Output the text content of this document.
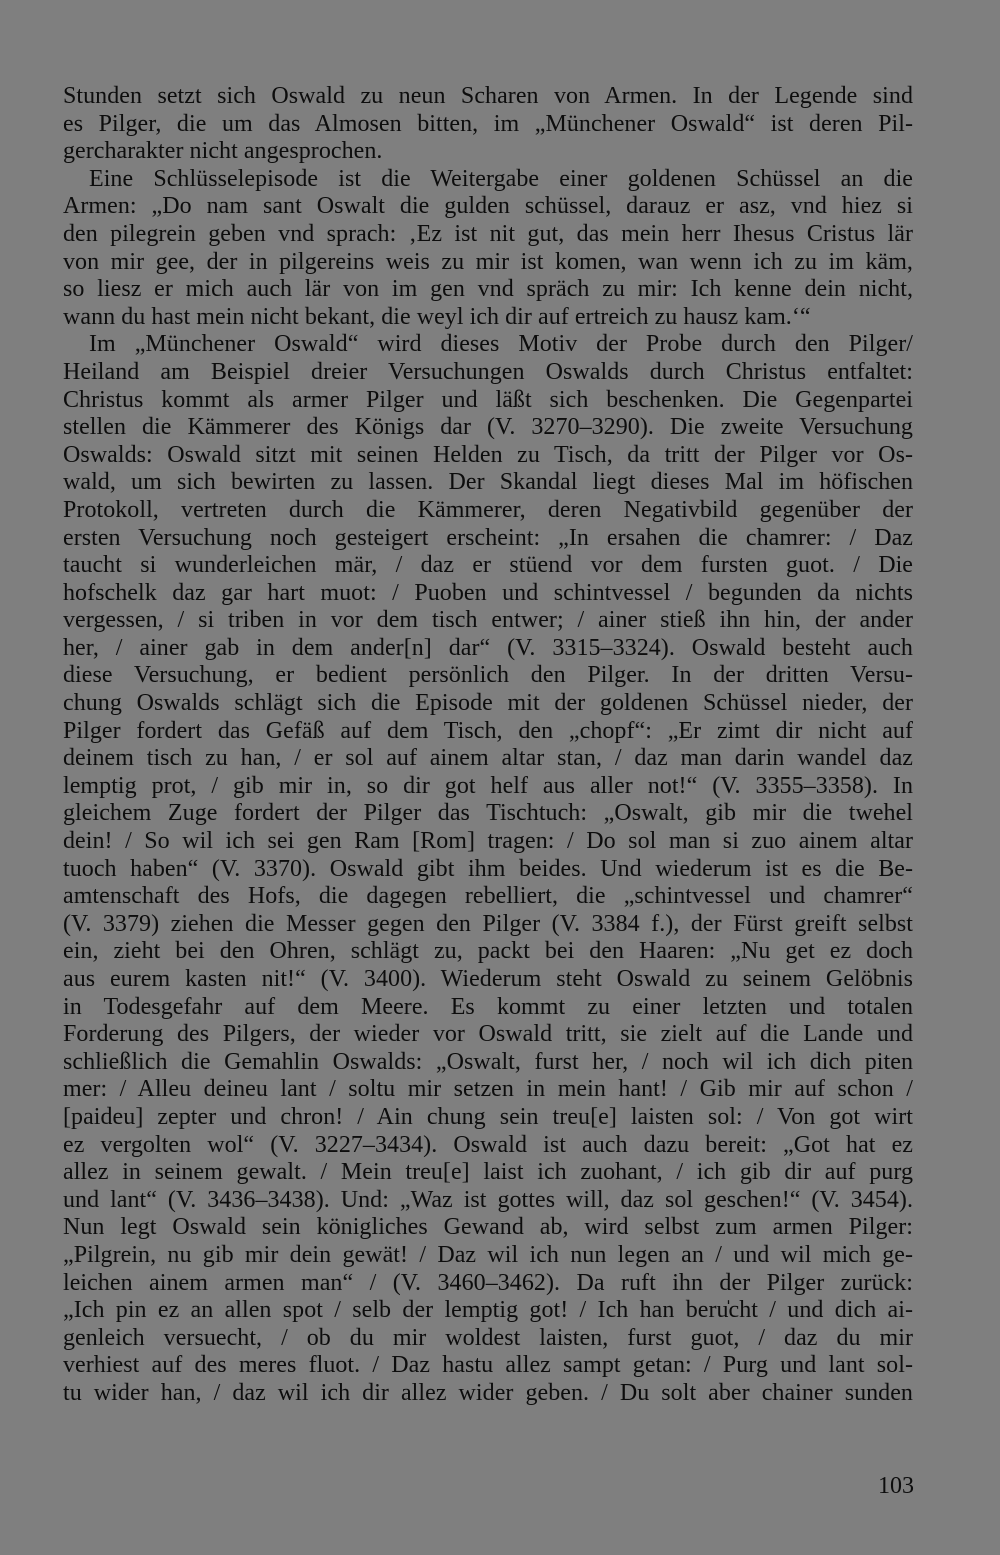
Stunden setzt sich Oswald zu neun Scharen von Armen. In der Legende sind
es Pilger, die um das Almosen bitten, im „Münchener Oswald“ ist deren Pil-
gercharakter nicht angesprochen.
Eine Schlüsselepisode ist die Weitergabe einer goldenen Schüssel an die
Armen: „Do nam sant Oswalt die gulden schüssel, darauz er asz, vnd hiez si
den pilegrein geben vnd sprach: ‚Ez ist nit gut, das mein herr Ihesus Cristus lär
von mir gee, der in pilgereins weis zu mir ist komen, wan wenn ich zu im käm,
so liesz er mich auch lär von im gen vnd spräch zu mir: Ich kenne dein nicht,
wann du hast mein nicht bekant, die weyl ich dir auf ertreich zu hausz kam.‘“
Im „Münchener Oswald“ wird dieses Motiv der Probe durch den Pilger/
Heiland am Beispiel dreier Versuchungen Oswalds durch Christus entfaltet:
Christus kommt als armer Pilger und läßt sich beschenken. Die Gegenpartei
stellen die Kämmerer des Königs dar (V. 3270–3290). Die zweite Versuchung
Oswalds: Oswald sitzt mit seinen Helden zu Tisch, da tritt der Pilger vor Os-
wald, um sich bewirten zu lassen. Der Skandal liegt dieses Mal im höfischen
Protokoll, vertreten durch die Kämmerer, deren Negativbild gegenüber der
ersten Versuchung noch gesteigert erscheint: „In ersahen die chamrer: / Daz
taucht si wunderleichen mär, / daz er stüend vor dem fursten guot. / Die
hofschelk daz gar hart muot: / Puoben und schintvessel / begunden da nichts
vergessen, / si triben in vor dem tisch entwer; / ainer stieß ihn hin, der ander
her, / ainer gab in dem ander[n] dar“ (V. 3315–3324). Oswald besteht auch
diese Versuchung, er bedient persönlich den Pilger. In der dritten Versu-
chung Oswalds schlägt sich die Episode mit der goldenen Schüssel nieder, der
Pilger fordert das Gefäß auf dem Tisch, den „chopf“: „Er zimt dir nicht auf
deinem tisch zu han, / er sol auf ainem altar stan, / daz man darin wandel daz
lemptig prot, / gib mir in, so dir got helf aus aller not!“ (V. 3355–3358). In
gleichem Zuge fordert der Pilger das Tischtuch: „Oswalt, gib mir die twehel
dein! / So wil ich sei gen Ram [Rom] tragen: / Do sol man si zuo ainem altar
tuoch haben“ (V. 3370). Oswald gibt ihm beides. Und wiederum ist es die Be-
amtenschaft des Hofs, die dagegen rebelliert, die „schintvessel und chamrer“
(V. 3379) ziehen die Messer gegen den Pilger (V. 3384 f.), der Fürst greift selbst
ein, zieht bei den Ohren, schlägt zu, packt bei den Haaren: „Nu get ez doch
aus eurem kasten nit!“ (V. 3400). Wiederum steht Oswald zu seinem Gelöbnis
in Todesgefahr auf dem Meere. Es kommt zu einer letzten und totalen
Forderung des Pilgers, der wieder vor Oswald tritt, sie zielt auf die Lande und
schließlich die Gemahlin Oswalds: „Oswalt, furst her, / noch wil ich dich piten
mer: / Alleu deineu lant / soltu mir setzen in mein hant! / Gib mir auf schon /
[paideu] zepter und chron! / Ain chung sein treu[e] laisten sol: / Von got wirt
ez vergolten wol“ (V. 3227–3434). Oswald ist auch dazu bereit: „Got hat ez
allez in seinem gewalt. / Mein treu[e] laist ich zuohant, / ich gib dir auf purg
und lant“ (V. 3436–3438). Und: „Waz ist gottes will, daz sol geschen!“ (V. 3454).
Nun legt Oswald sein königliches Gewand ab, wird selbst zum armen Pilger:
„Pilgrein, nu gib mir dein gewät! / Daz wil ich nun legen an / und wil mich ge-
leichen ainem armen man“ / (V. 3460–3462). Da ruft ihn der Pilger zurück:
„Ich pin ez an allen spot / selb der lemptig got! / Ich han beru̍cht / und dich ai-
genleich versuecht, / ob du mir woldest laisten, furst guot, / daz du mir
verhiest auf des meres fluot. / Daz hastu allez sampt getan: / Purg und lant sol-
tu wider han, / daz wil ich dir allez wider geben. / Du solt aber chainer sunden
103
